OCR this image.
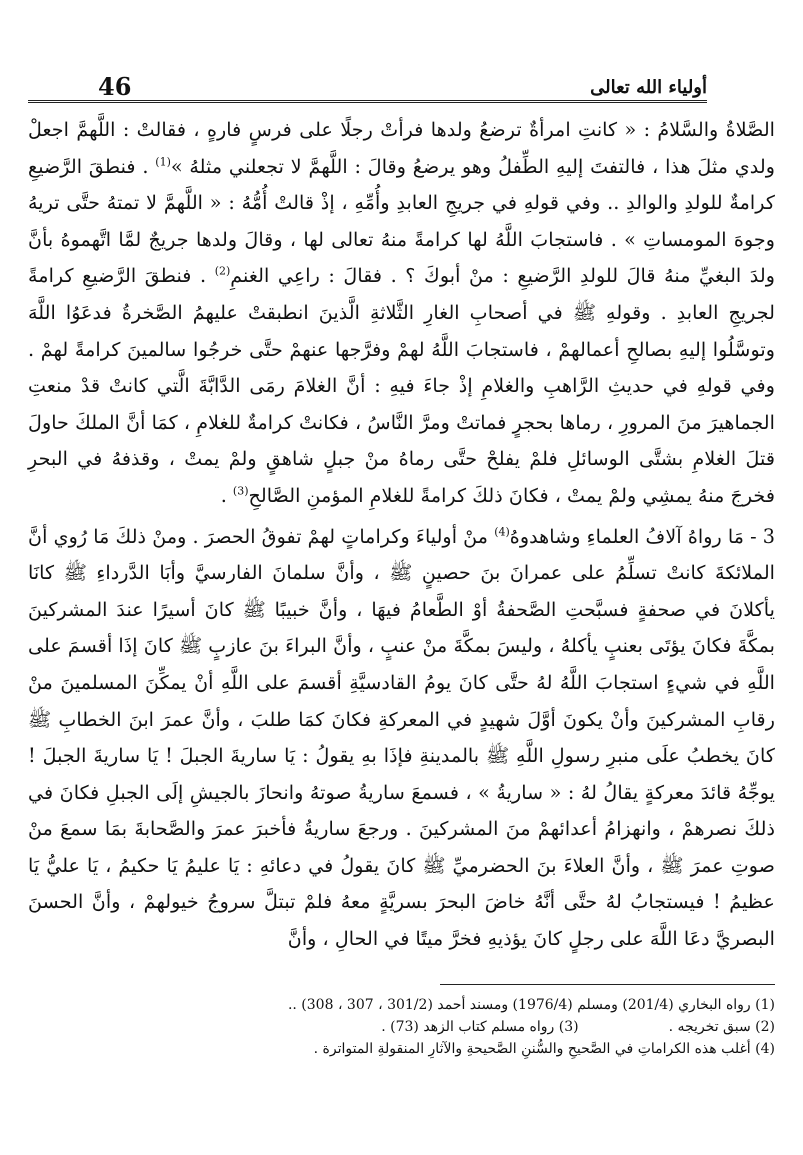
46	أولياء الله تعالى

الصَّلاةُ والسَّلامُ : « كانتِ امرأةٌ ترضعُ ولدها فرأتْ رجلًا على فرسٍ فارهٍ ، فقالتْ : اللَّهمَّ اجعلْ ولدي مثلَ هذا ، فالتفتَ إليهِ الطِّفلُ وهو يرضعُ وقالَ : اللَّهمَّ لا تجعلني مثلهُ »$^{(1)}$ . فنطقَ الرَّضيعِ كرامةٌ للولدِ والوالدِ .. وفي قولهِ في جريجِ العابدِ وأُمِّهِ ، إذْ قالتْ أُمُّهُ : « اللَّهمَّ لا تمتهُ حتَّى تريهُ وجوهَ المومساتِ » . فاستجابَ اللَّهُ لها كرامةً منهُ تعالى لها ، وقالَ ولدها جريجٌ لمَّا اتَّهموهُ بأنَّ ولدَ البغيِّ منهُ قالَ للولدِ الرَّضيعِ : منْ أبوكَ ؟ . فقالَ : راعِي الغنمِ$^{(2)}$ . فنطقَ الرَّضيعِ كرامةً لجريجِ العابدِ . وقولهِ ﷺ في أصحابِ الغارِ الثَّلاثةِ الَّذينَ انطبقتْ عليهمُ الصَّخرةُ فدعَوُا اللَّهَ وتوسَّلُوا إليهِ بصالحِ أعمالهمْ ، فاستجابَ اللَّهُ لهمْ وفرَّجها عنهمْ حتَّى خرجُوا سالمينَ كرامةً لهمْ . وفي قولهِ في حديثِ الرَّاهبِ والغلامِ إذْ جاءَ فيهِ : أنَّ الغلامَ رمَى الدَّابَّةَ الَّتي كانتْ قدْ منعتِ الجماهيرَ منَ المرورِ ، رماها بحجرٍ فماتتْ ومرَّ النَّاسُ ، فكانتْ كرامةٌ للغلامِ ، كمَا أنَّ الملكَ حاولَ قتلَ الغلامِ بشتَّى الوسائلِ فلمْ يفلحْ حتَّى رماهُ منْ جبلٍ شاهقٍ ولمْ يمتْ ، وقذفهُ في البحرِ فخرجَ منهُ يمشِي ولمْ يمتْ ، فكانَ ذلكَ كرامةً للغلامِ المؤمنِ الصَّالحِ$^{(3)}$ .

3 - مَا رواهُ آلافُ العلماءِ وشاهدوهُ$^{(4)}$ منْ أولياءَ وكراماتٍ لهمْ تفوقُ الحصرَ . ومنْ ذلكَ مَا رُوي أنَّ الملائكةَ كانتْ تسلِّمُ على عمرانَ بنَ حصينٍ ﷺ ، وأنَّ سلمانَ الفارسيَّ وأبَا الدَّرداءِ ﷺ كانَا يأكلانَ في صحفةٍ فسبَّحتِ الصَّحفةُ أوْ الطَّعامُ فيهَا ، وأنَّ خبيبًا ﷺ كانَ أسيرًا عندَ المشركينَ بمكَّةَ فكانَ يؤتَى بعنبٍ يأكلهُ ، وليسَ بمكَّةَ منْ عنبٍ ، وأنَّ البراءَ بنَ عازبٍ ﷺ كانَ إذَا أقسمَ على اللَّهِ في شيءٍ استجابَ اللَّهُ لهُ حتَّى كانَ يومُ القادسيَّةِ أقسمَ على اللَّهِ أنْ يمكِّنَ المسلمينَ منْ رقابِ المشركينَ وأنْ يكونَ أوَّلَ شهيدٍ في المعركةِ فكانَ كمَا طلبَ ، وأنَّ عمرَ ابنَ الخطابِ ﷺ كانَ يخطبُ علَى منبرِ رسولِ اللَّهِ ﷺ بالمدينةِ فإذَا بهِ يقولُ : يَا ساريةَ الجبلَ ! يَا ساريةَ الجبلَ ! يوجِّهُ قائدَ معركةٍ يقالُ لهُ : « ساريةُ » ، فسمعَ ساريةُ صوتهُ وانحازَ بالجيشِ إلَى الجبلِ فكانَ في ذلكَ نصرهمْ ، وانهزامُ أعدائهمْ منَ المشركينَ . ورجعَ ساريةُ فأخبرَ عمرَ والصَّحابةَ بمَا سمعَ منْ صوتِ عمرَ ﷺ ، وأنَّ العلاءَ بنَ الحضرميِّ ﷺ كانَ يقولُ في دعائهِ : يَا عليمُ يَا حكيمُ ، يَا عليُّ يَا عظيمُ ! فيستجابُ لهُ حتَّى أنَّهُ خاضَ البحرَ بسريَّةٍ معهُ فلمْ تبتلَّ سروجُ خيولهمْ ، وأنَّ الحسنَ البصريَّ دعَا اللَّهَ على رجلٍ كانَ يؤذيهِ فخرَّ ميتًا في الحالِ ، وأنَّ

(1) رواه البخاري (201/4) ومسلم (1976/4) ومسند أحمد (301/2 ، 307 ، 308) ..

(2) سبق تخريجه .

(3) رواه مسلم كتاب الزهد (73) .

(4) أغلب هذه الكراماتِ في الصَّحيحِ والسُّننِ الصَّحيحةِ والآثارِ المنقولةِ المتواترة .
